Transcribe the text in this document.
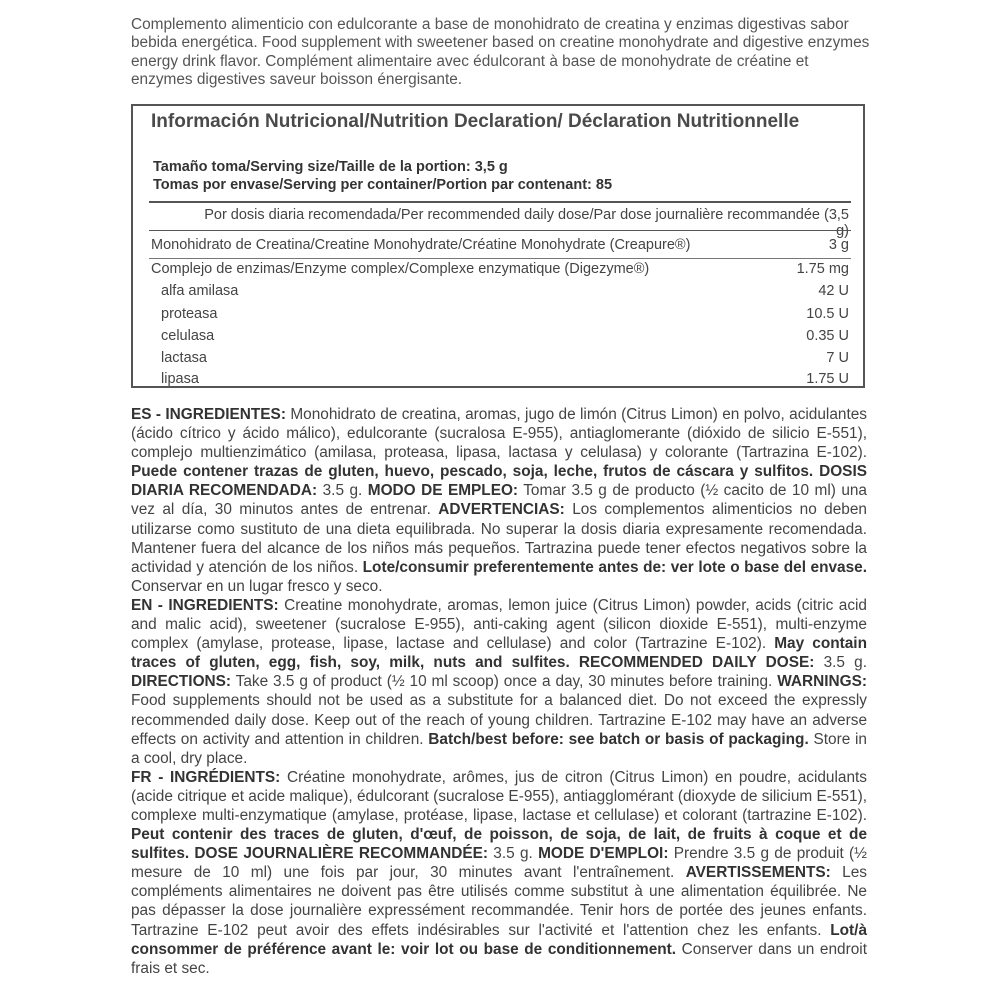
Complemento alimenticio con edulcorante a base de monohidrato de creatina y enzimas digestivas sabor bebida energética. Food supplement with sweetener based on creatine monohydrate and digestive enzymes energy drink flavor. Complément alimentaire avec édulcorant à base de monohydrate de créatine et enzymes digestives saveur boisson énergisante.
Información Nutricional/Nutrition Declaration/ Déclaration Nutritionnelle
Tamaño toma/Serving size/Taille de la portion: 3,5 g
Tomas por envase/Serving per container/Portion par contenant: 85
Por dosis diaria recomendada/Per recommended daily dose/Par dose journalière recommandée (3,5 g)
Monohidrato de Creatina/Creatine Monohydrate/Créatine Monohydrate (Creapure®)	3 g
Complejo de enzimas/Enzyme complex/Complexe enzymatique (Digezyme®)	1.75 mg
alfa amilasa	42 U
proteasa	10.5 U
celulasa	0.35 U
lactasa	7 U
lipasa	1.75 U

ES - INGREDIENTES: Monohidrato de creatina, aromas, jugo de limón (Citrus Limon) en polvo, acidulantes (ácido cítrico y ácido málico), edulcorante (sucralosa E-955), antiaglomerante (dióxido de silicio E-551), complejo multienzimático (amilasa, proteasa, lipasa, lactasa y celulasa) y colorante (Tartrazina E-102). Puede contener trazas de gluten, huevo, pescado, soja, leche, frutos de cáscara y sulfitos. DOSIS DIARIA RECOMENDADA: 3.5 g. MODO DE EMPLEO: Tomar 3.5 g de producto (½ cacito de 10 ml) una vez al día, 30 minutos antes de entrenar. ADVERTENCIAS: Los complementos alimenticios no deben utilizarse como sustituto de una dieta equilibrada. No superar la dosis diaria expresamente recomendada. Mantener fuera del alcance de los niños más pequeños. Tartrazina puede tener efectos negativos sobre la actividad y atención de los niños. Lote/consumir preferentemente antes de: ver lote o base del envase. Conservar en un lugar fresco y seco.

EN - INGREDIENTS: Creatine monohydrate, aromas, lemon juice (Citrus Limon) powder, acids (citric acid and malic acid), sweetener (sucralose E-955), anti-caking agent (silicon dioxide E-551), multi-enzyme complex (amylase, protease, lipase, lactase and cellulase) and color (Tartrazine E-102). May contain traces of gluten, egg, fish, soy, milk, nuts and sulfites. RECOMMENDED DAILY DOSE: 3.5 g. DIRECTIONS: Take 3.5 g of product (½ 10 ml scoop) once a day, 30 minutes before training. WARNINGS: Food supplements should not be used as a substitute for a balanced diet. Do not exceed the expressly recommended daily dose. Keep out of the reach of young children. Tartrazine E-102 may have an adverse effects on activity and attention in children. Batch/best before: see batch or basis of packaging. Store in a cool, dry place.

FR - INGRÉDIENTS: Créatine monohydrate, arômes, jus de citron (Citrus Limon) en poudre, acidulants (acide citrique et acide malique), édulcorant (sucralose E-955), antiagglomérant (dioxyde de silicium E-551), complexe multi-enzymatique (amylase, protéase, lipase, lactase et cellulase) et colorant (tartrazine E-102). Peut contenir des traces de gluten, d'œuf, de poisson, de soja, de lait, de fruits à coque et de sulfites. DOSE JOURNALIÈRE RECOMMANDÉE: 3.5 g. MODE D'EMPLOI: Prendre 3.5 g de produit (½ mesure de 10 ml) une fois par jour, 30 minutes avant l'entraînement. AVERTISSEMENTS: Les compléments alimentaires ne doivent pas être utilisés comme substitut à une alimentation équilibrée. Ne pas dépasser la dose journalière expressément recommandée. Tenir hors de portée des jeunes enfants. Tartrazine E-102 peut avoir des effets indésirables sur l'activité et l'attention chez les enfants. Lot/à consommer de préférence avant le: voir lot ou base de conditionnement. Conserver dans un endroit frais et sec.
